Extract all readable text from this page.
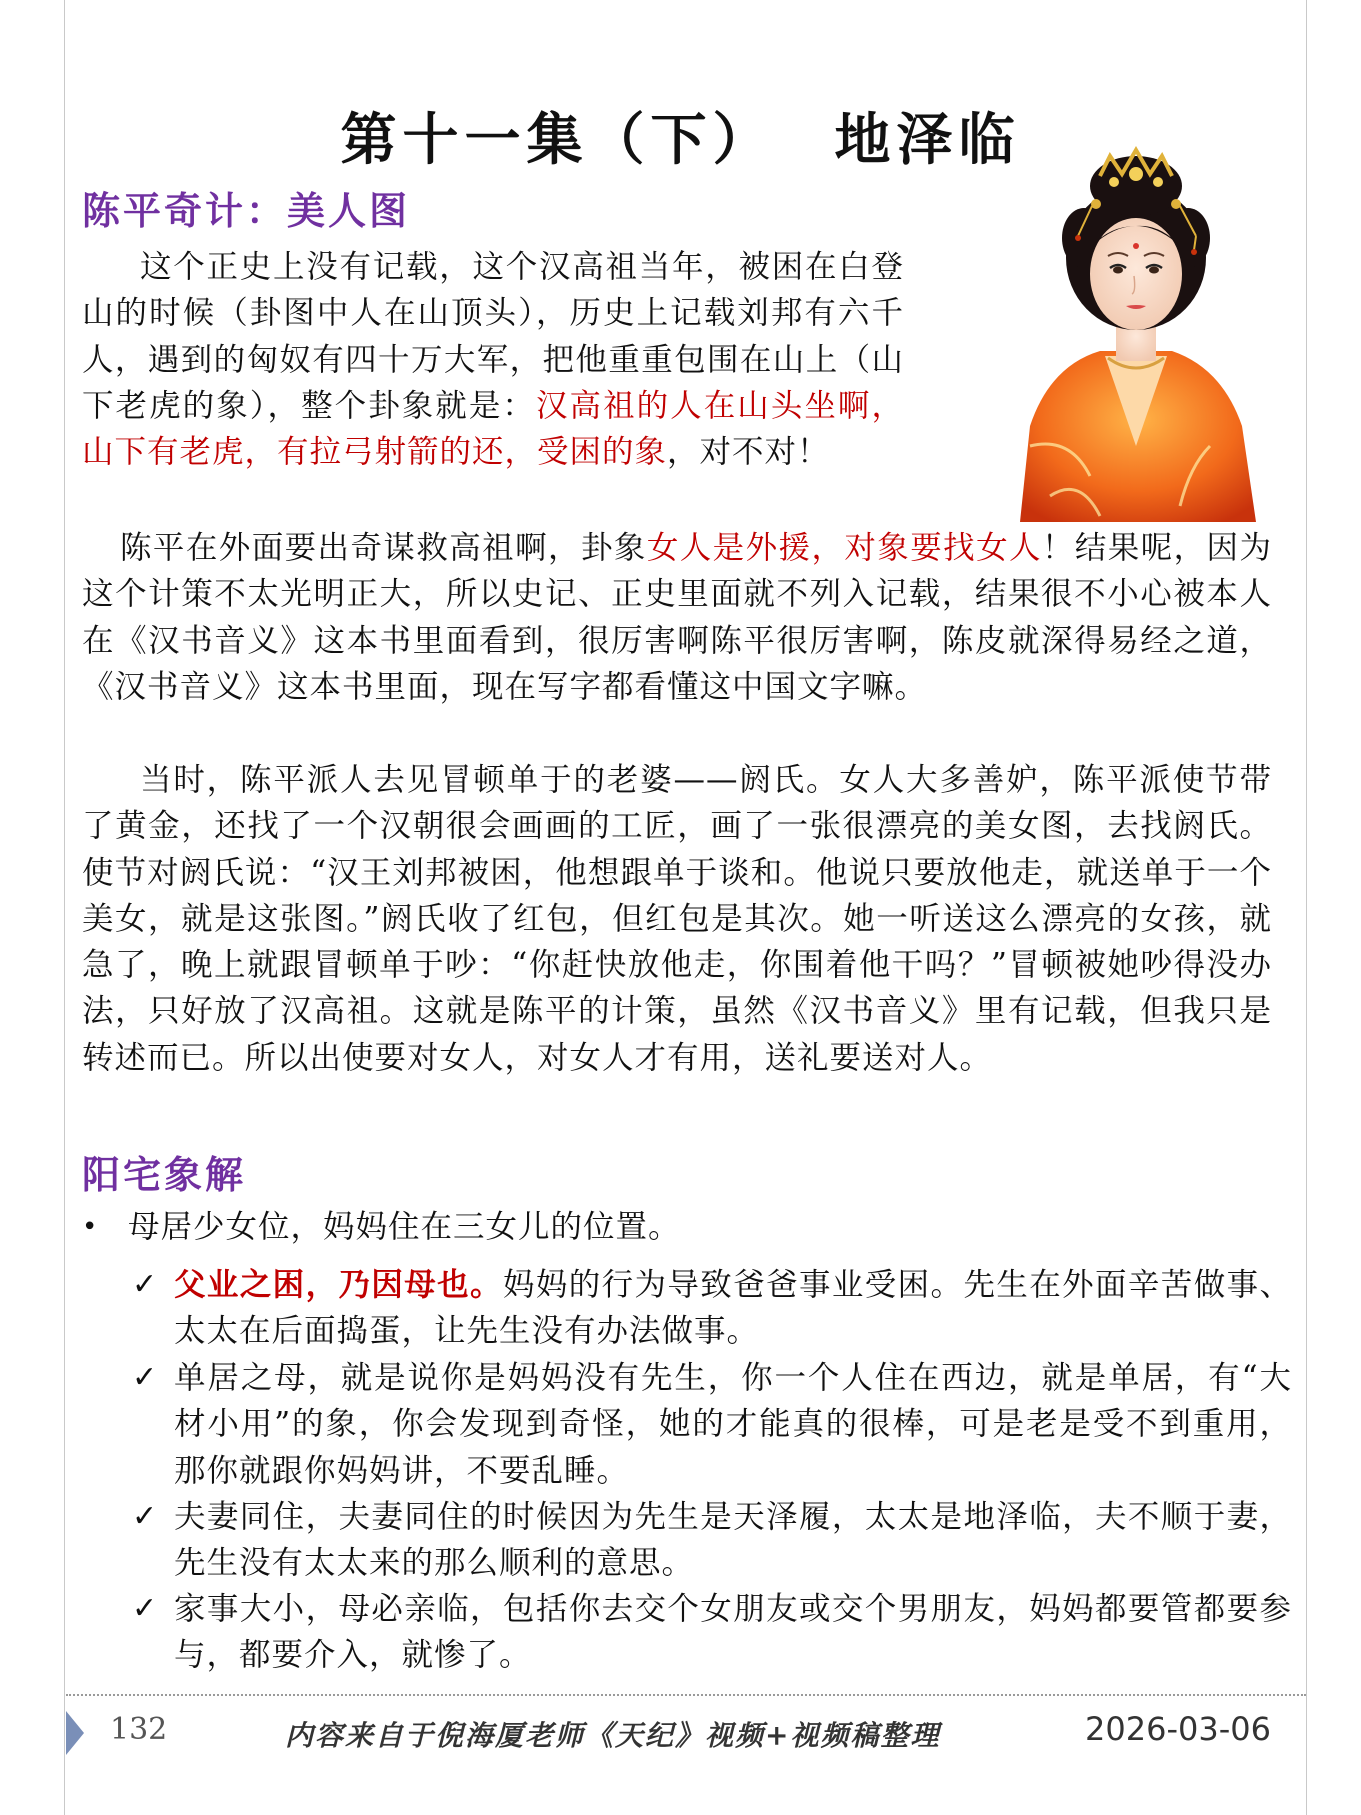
第十一集（下） 地泽临
陈平奇计：美人图
这个正史上没有记载，这个汉高祖当年，被困在白登山的时候（卦图中人在山顶头），历史上记载刘邦有六千人，遇到的匈奴有四十万大军，把他重重包围在山上（山下老虎的象），整个卦象就是：汉高祖的人在山头坐啊，山下有老虎，有拉弓射箭的还，受困的象，对不对！
陈平在外面要出奇谋救高祖啊，卦象女人是外援，对象要找女人！结果呢，因为这个计策不太光明正大，所以史记、正史里面就不列入记载，结果很不小心被本人在《汉书音义》这本书里面看到，很厉害啊陈平很厉害啊，陈皮就深得易经之道，《汉书音义》这本书里面，现在写字都看懂这中国文字嘛。
当时，陈平派人去见冒顿单于的老婆——阏氏。女人大多善妒，陈平派使节带了黄金，还找了一个汉朝很会画画的工匠，画了一张很漂亮的美女图，去找阏氏。使节对阏氏说：“汉王刘邦被困，他想跟单于谈和。他说只要放他走，就送单于一个美女，就是这张图。”阏氏收了红包，但红包是其次。她一听送这么漂亮的女孩，就急了，晚上就跟冒顿单于吵：“你赶快放他走，你围着他干吗？”冒顿被她吵得没办法，只好放了汉高祖。这就是陈平的计策，虽然《汉书音义》里有记载，但我只是转述而已。所以出使要对女人，对女人才有用，送礼要送对人。
阳宅象解
• 母居少女位，妈妈住在三女儿的位置。
✓ 父业之困，乃因母也。妈妈的行为导致爸爸事业受困。先生在外面辛苦做事、太太在后面捣蛋，让先生没有办法做事。
✓ 单居之母，就是说你是妈妈没有先生，你一个人住在西边，就是单居，有“大材小用”的象，你会发现到奇怪，她的才能真的很棒，可是老是受不到重用，那你就跟你妈妈讲，不要乱睡。
✓ 夫妻同住，夫妻同住的时候因为先生是天泽履，太太是地泽临，夫不顺于妻，先生没有太太来的那么顺利的意思。
✓ 家事大小，母必亲临，包括你去交个女朋友或交个男朋友，妈妈都要管都要参与，都要介入，就惨了。
132	内容来自于倪海厦老师《天纪》视频+视频稿整理	2026-03-06
